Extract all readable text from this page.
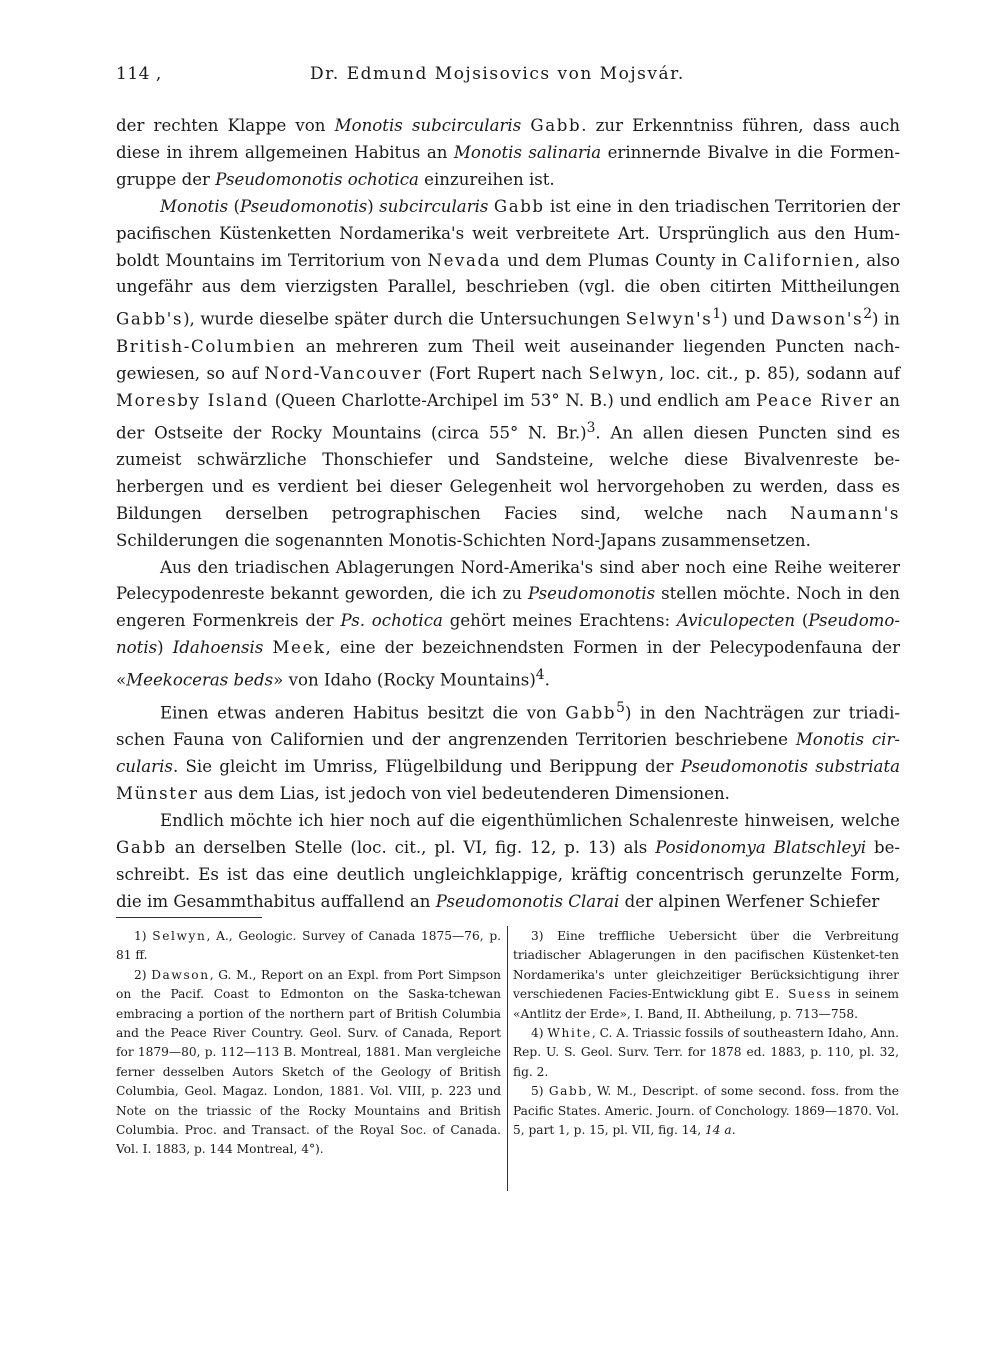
114 ,	Dr. Edmund Mojsisovics von Mojsvár.

der rechten Klappe von Monotis subcircularis Gabb. zur Erkenntniss führen, dass auch diese in ihrem allgemeinen Habitus an Monotis salinaria erinnernde Bivalve in die Formen-gruppe der Pseudomonotis ochotica einzureihen ist.

Monotis (Pseudomonotis) subcircularis Gabb ist eine in den triadischen Territorien der pacifischen Küstenketten Nordamerika's weit verbreitete Art. Ursprünglich aus den Hum-boldt Mountains im Territorium von Nevada und dem Plumas County in Californien, also ungefähr aus dem vierzigsten Parallel, beschrieben (vgl. die oben citirten Mittheilungen Gabb's), wurde dieselbe später durch die Untersuchungen $Selwyn's^1$) und $Dawson's^2$) in British-Columbien an mehreren zum Theil weit auseinander liegenden Puncten nach-gewiesen, so auf Nord-Vancouver (Fort Rupert nach Selwyn, loc. cit., p. 85), sodann auf Moresby Island (Queen Charlotte-Archipel im 53° N. B.) und endlich am Peace River an der Ostseite der Rocky Mountains (circa 55° N. Br.)$^3$. An allen diesen Puncten sind es zumeist schwärzliche Thonschiefer und Sandsteine, welche diese Bivalvenreste be-herbergen und es verdient bei dieser Gelegenheit wol hervorgehoben zu werden, dass es Bildungen derselben petrographischen Facies sind, welche nach Naumann's Schilderungen die sogenannten Monotis-Schichten Nord-Japans zusammensetzen.

Aus den triadischen Ablagerungen Nord-Amerika's sind aber noch eine Reihe weiterer Pelecypodenreste bekannt geworden, die ich zu Pseudomonotis stellen möchte. Noch in den engeren Formenkreis der Ps. ochotica gehört meines Erachtens: Aviculopecten (Pseudomo-notis) Idahoensis Meek, eine der bezeichnendsten Formen in der Pelecypodenfauna der «Meekoceras beds» von Idaho (Rocky Mountains)$^4$.

Einen etwas anderen Habitus besitzt die von Gabb$^5$) in den Nachträgen zur triadi-schen Fauna von Californien und der angrenzenden Territorien beschriebene Monotis cir-cularis. Sie gleicht im Umriss, Flügelbildung und Berippung der Pseudomonotis substriata Münster aus dem Lias, ist jedoch von viel bedeutenderen Dimensionen.

Endlich möchte ich hier noch auf die eigenthümlichen Schalenreste hinweisen, welche Gabb an derselben Stelle (loc. cit., pl. VI, fig. 12, p. 13) als Posidonomya Blatschleyi be-schreibt. Es ist das eine deutlich ungleichklappige, kräftig concentrisch gerunzelte Form, die im Gesammthabitus auffallend an Pseudomonotis Clarai der alpinen Werfener Schiefer

1) Selwyn, A., Geologic. Survey of Canada 1875—76, p. 81 ff.

2) Dawson, G. M., Report on an Expl. from Port Simpson on the Pacif. Coast to Edmonton on the Saska-tchewan embracing a portion of the northern part of British Columbia and the Peace River Country. Geol. Surv. of Canada, Report for 1879—80, p. 112—113 B. Montreal, 1881. Man vergleiche ferner desselben Autors Sketch of the Geology of British Columbia, Geol. Magaz. London, 1881. Vol. VIII, p. 223 und Note on the triassic of the Rocky Mountains and British Columbia. Proc. and Transact. of the Royal Soc. of Canada. Vol. I. 1883, p. 144 Montreal, 4°).

3) Eine treffliche Uebersicht über die Verbreitung triadischer Ablagerungen in den pacifischen Küstenket-ten Nordamerika's unter gleichzeitiger Berücksichtigung ihrer verschiedenen Facies-Entwicklung gibt E. Suess in seinem «Antlitz der Erde», I. Band, II. Abtheilung, p. 713—758.

4) White, C. A. Triassic fossils of southeastern Idaho, Ann. Rep. U. S. Geol. Surv. Terr. for 1878 ed. 1883, p. 110, pl. 32, fig. 2.

5) Gabb, W. M., Descript. of some second. foss. from the Pacific States. Americ. Journ. of Conchology. 1869—1870. Vol. 5, part 1, p. 15, pl. VII, fig. 14, 14 a.
